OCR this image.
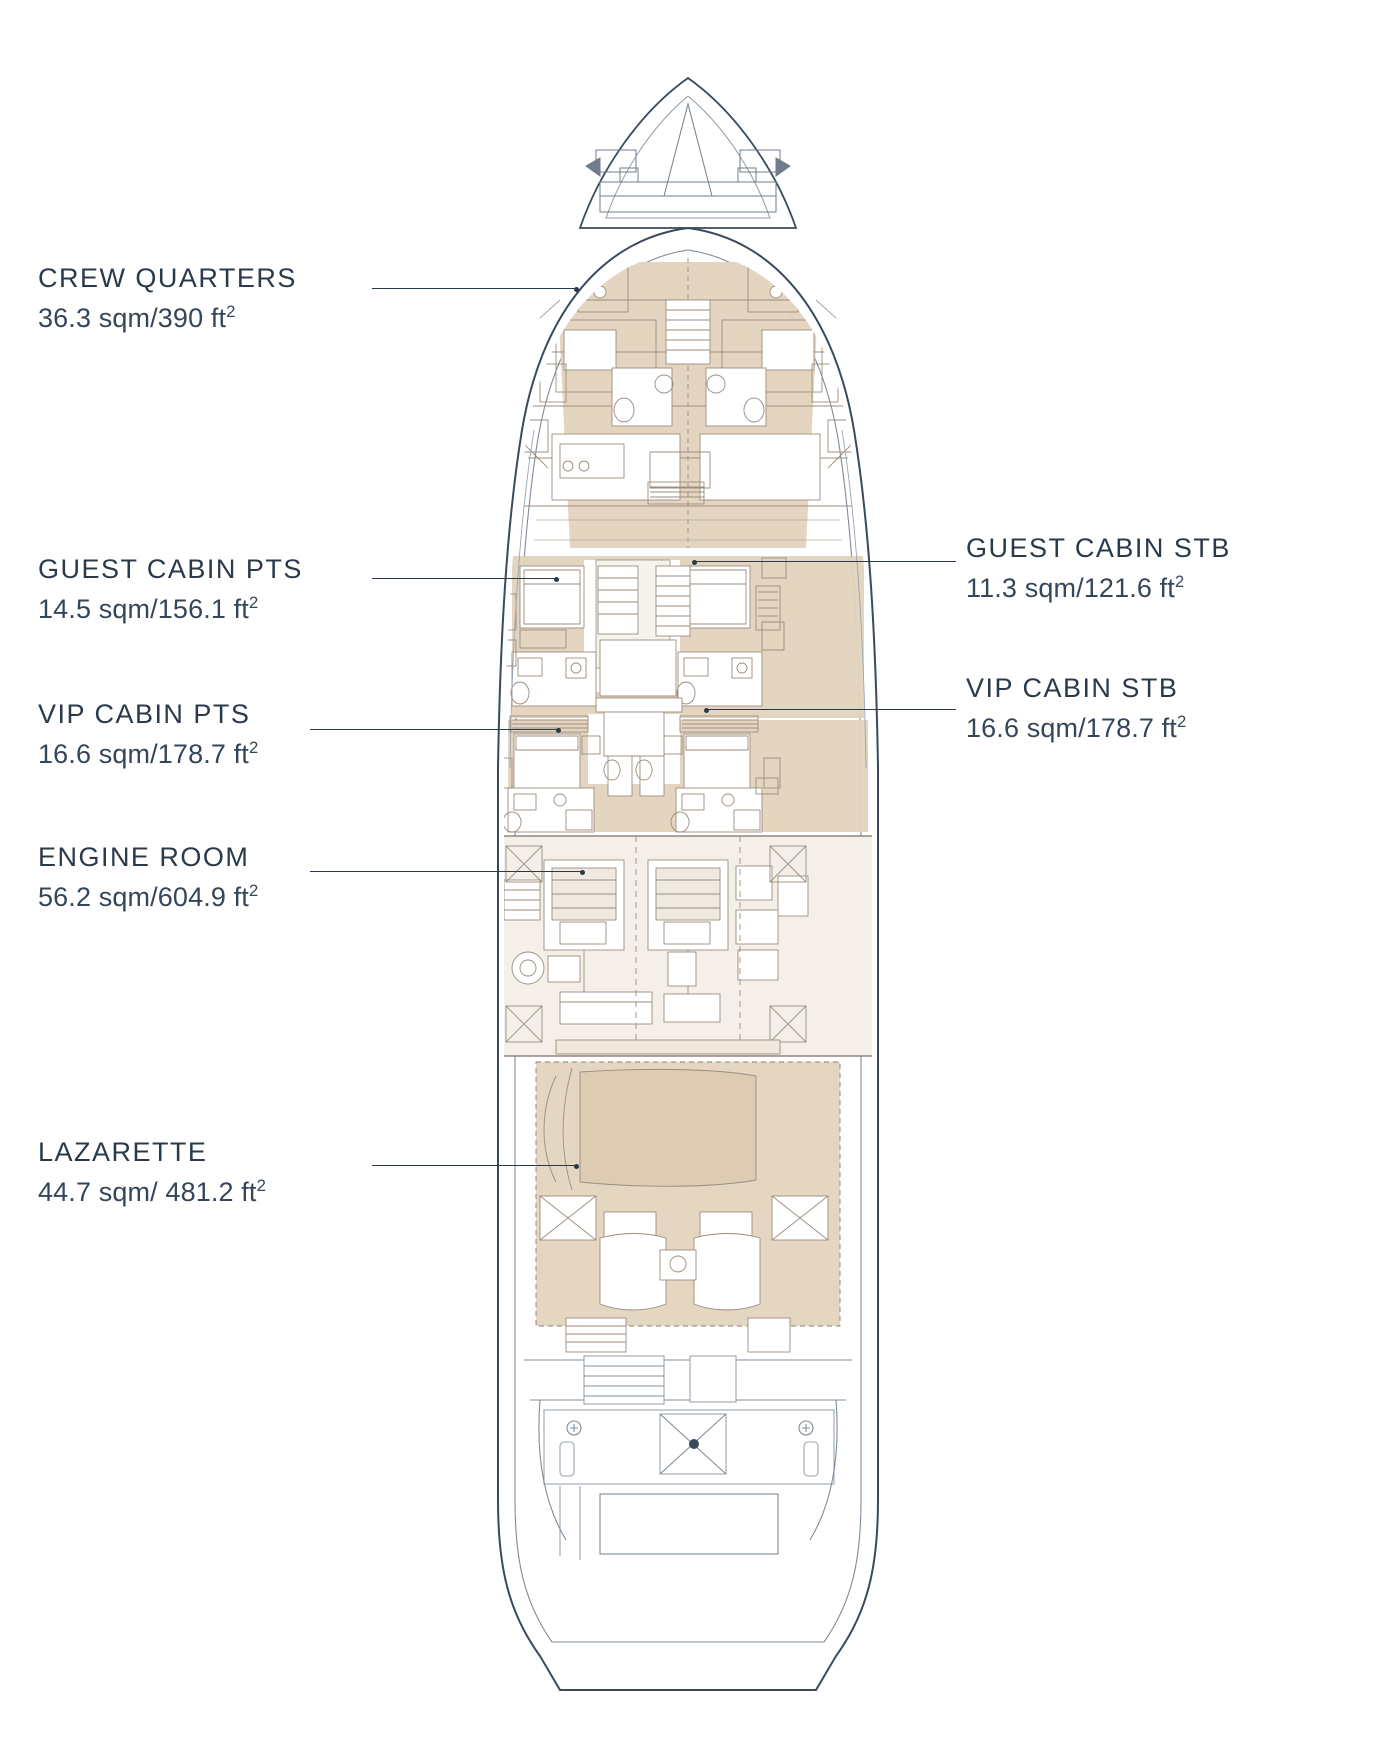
CREW QUARTERS
36.3 sqm/390 $ft^2$
GUEST CABIN PTS
14.5 sqm/156.1 $ft^2$
VIP CABIN PTS
16.6 sqm/178.7 $ft^2$
ENGINE ROOM
56.2 sqm/604.9 $ft^2$
LAZARETTE
44.7 sqm/ 481.2 $ft^2$
GUEST CABIN STB
11.3 sqm/121.6 $ft^2$
VIP CABIN STB
16.6 sqm/178.7 $ft^2$
